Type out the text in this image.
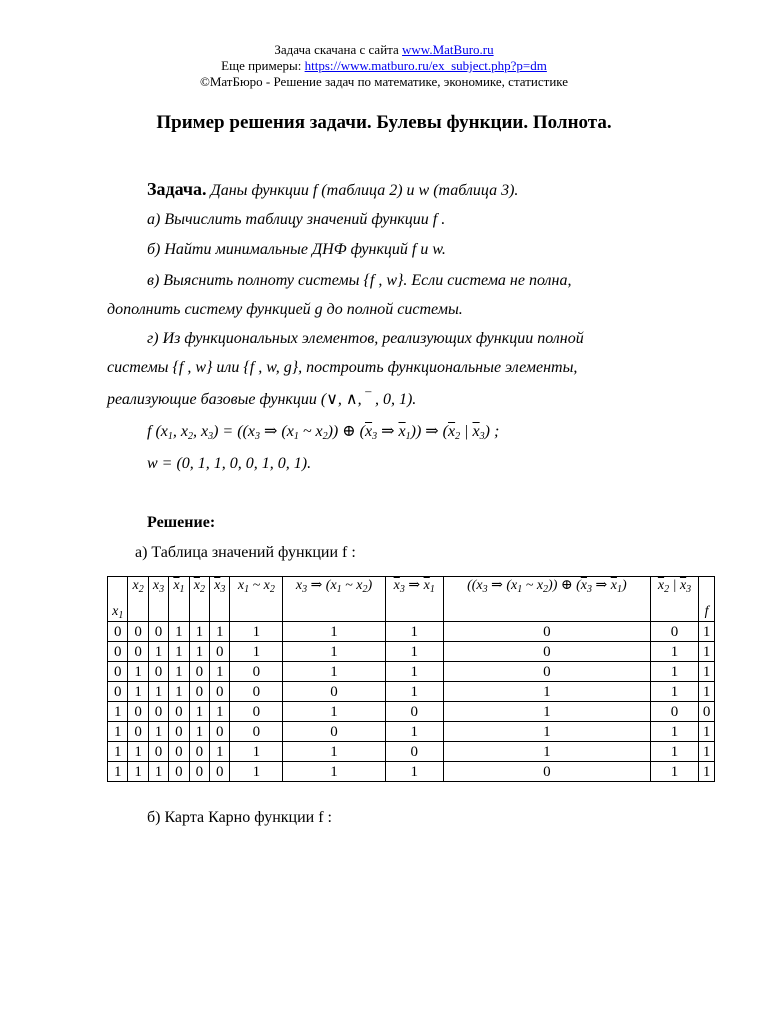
Задача скачана с сайта www.MatBuro.ru
Еще примеры: https://www.matburo.ru/ex_subject.php?p=dm
©МатБюро - Решение задач по математике, экономике, статистике
Пример решения задачи. Булевы функции. Полнота.
Задача. Даны функции f (таблица 2) и w (таблица 3).
а) Вычислить таблицу значений функции f .
б) Найти минимальные ДНФ функций f и w.
в) Выяснить полноту системы {f , w}. Если система не полна,
дополнить систему функцией g до полной системы.
г) Из функциональных элементов, реализующих функции полной
системы {f , w} или {f , w, g}, построить функциональные элементы,
реализующие базовые функции (∨, ∧, ‾ , 0, 1).
f ($x_1$, $x_2$, $x_3) = ((x_3$ ⇒ ($x_1$ ~ $x_2$)) ⊕ ($\overline{x}_3$ ⇒ $\overline{x}_1$)) ⇒ ($\overline{x}_2$ | $\overline{x}_3$) ;
w = (0, 1, 1, 0, 0, 1, 0, 1).
Решение:
а) Таблица значений функции f :
$x_1$	$x_2$	$x_3$	$\overline{x}_1$	$\overline{x}_2$	$\overline{x}_3$	$x_1$ ~ $x_2$	$x_3$ ⇒ ($x_1$ ~ $x_2$)	$\overline{x}_3$ ⇒ $\overline{x}_1$	(($x_3$ ⇒ ($x_1$ ~ $x_2$)) ⊕ ($\overline{x}_3$ ⇒ $\overline{x}_1$)	$\overline{x}_2$ | $\overline{x}_3$	f
0	0	0	1	1	1	1	1	1	0	0	1
0	0	1	1	1	0	1	1	1	0	1	1
0	1	0	1	0	1	0	1	1	0	1	1
0	1	1	1	0	0	0	0	1	1	1	1
1	0	0	0	1	1	0	1	0	1	0	0
1	0	1	0	1	0	0	0	1	1	1	1
1	1	0	0	0	1	1	1	0	1	1	1
1	1	1	0	0	0	1	1	1	0	1	1
б) Карта Карно функции f :
